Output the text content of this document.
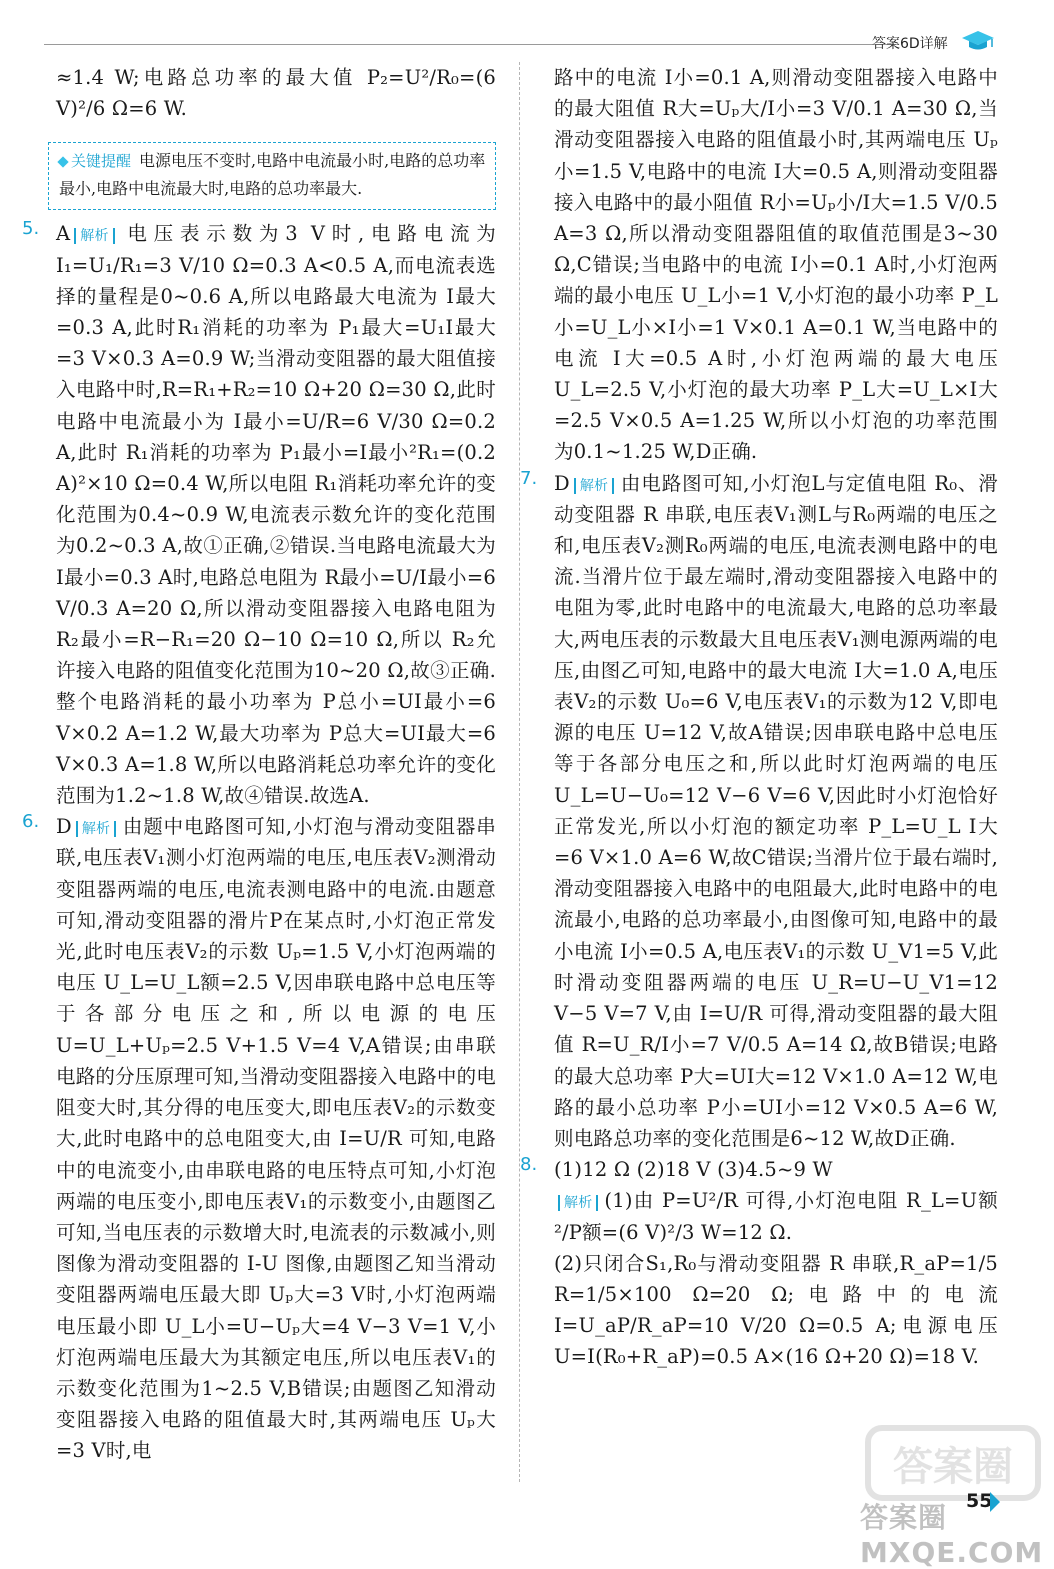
答案6D详解

≈1.4 W;电路总功率的最大值 P₂=U²/R₀=(6 V)²/6 Ω=6 W.

关键提醒 电源电压不变时,电路中电流最小时,电路的总功率最小,电路中电流最大时,电路的总功率最大.
5. A 解析 电压表示数为3 V时,电路电流为 I₁=U₁/R₁=3 V/10 Ω=0.3 A<0.5 A,而电流表选择的量程是0~0.6 A,所以电路最大电流为 I最大=0.3 A,此时R₁消耗的功率为 P₁最大=U₁I最大=3 V×0.3 A=0.9 W;当滑动变阻器的最大阻值接入电路中时,R=R₁+R₂=10 Ω+20 Ω=30 Ω,此时电路中电流最小为 I最小=U/R=6 V/30 Ω=0.2 A,此时 R₁消耗的功率为 P₁最小=I最小²R₁=(0.2 A)²×10 Ω=0.4 W,所以电阻 R₁消耗功率允许的变化范围为0.4~0.9 W,电流表示数允许的变化范围为0.2~0.3 A,故①正确,②错误.当电路电流最大为 I最小=0.3 A时,电路总电阻为 R最小=U/I最小=6 V/0.3 A=20 Ω,所以滑动变阻器接入电路电阻为 R₂最小=R−R₁=20 Ω−10 Ω=10 Ω,所以 R₂允许接入电路的阻值变化范围为10~20 Ω,故③正确.整个电路消耗的最小功率为 P总小=UI最小=6 V×0.2 A=1.2 W,最大功率为 P总大=UI最大=6 V×0.3 A=1.8 W,所以电路消耗总功率允许的变化范围为1.2~1.8 W,故④错误.故选A.

6. D 解析 由题中电路图可知,小灯泡与滑动变阻器串联,电压表V₁测小灯泡两端的电压,电压表V₂测滑动变阻器两端的电压,电流表测电路中的电流.由题意可知,滑动变阻器的滑片P在某点时,小灯泡正常发光,此时电压表V₂的示数 Uₚ=1.5 V,小灯泡两端的电压 U_L=U_L额=2.5 V,因串联电路中总电压等于各部分电压之和,所以电源的电压 U=U_L+Uₚ=2.5 V+1.5 V=4 V,A错误;由串联电路的分压原理可知,当滑动变阻器接入电路中的电阻变大时,其分得的电压变大,即电压表V₂的示数变大,此时电路中的总电阻变大,由 I=U/R 可知,电路中的电流变小,由串联电路的电压特点可知,小灯泡两端的电压变小,即电压表V₁的示数变小,由题图乙可知,当电压表的示数增大时,电流表的示数减小,则图像为滑动变阻器的 I-U 图像,由题图乙知当滑动变阻器两端电压最大即 Uₚ大=3 V时,小灯泡两端电压最小即 U_L小=U−Uₚ大=4 V−3 V=1 V,小灯泡两端电压最大为其额定电压,所以电压表V₁的示数变化范围为1~2.5 V,B错误;由题图乙知滑动变阻器接入电路的阻值最大时,其两端电压 Uₚ大=3 V时,电

路中的电流 I小=0.1 A,则滑动变阻器接入电路中的最大阻值 R大=Uₚ大/I小=3 V/0.1 A=30 Ω,当滑动变阻器接入电路的阻值最小时,其两端电压 Uₚ小=1.5 V,电路中的电流 I大=0.5 A,则滑动变阻器接入电路中的最小阻值 R小=Uₚ小/I大=1.5 V/0.5 A=3 Ω,所以滑动变阻器阻值的取值范围是3~30 Ω,C错误;当电路中的电流 I小=0.1 A时,小灯泡两端的最小电压 U_L小=1 V,小灯泡的最小功率 P_L小=U_L小×I小=1 V×0.1 A=0.1 W,当电路中的电流 I大=0.5 A时,小灯泡两端的最大电压 U_L=2.5 V,小灯泡的最大功率 P_L大=U_L×I大=2.5 V×0.5 A=1.25 W,所以小灯泡的功率范围为0.1~1.25 W,D正确.

7. D 解析 由电路图可知,小灯泡L与定值电阻 R₀、滑动变阻器 R 串联,电压表V₁测L与R₀两端的电压之和,电压表V₂测R₀两端的电压,电流表测电路中的电流.当滑片位于最左端时,滑动变阻器接入电路中的电阻为零,此时电路中的电流最大,电路的总功率最大,两电压表的示数最大且电压表V₁测电源两端的电压,由图乙可知,电路中的最大电流 I大=1.0 A,电压表V₂的示数 U₀=6 V,电压表V₁的示数为12 V,即电源的电压 U=12 V,故A错误;因串联电路中总电压等于各部分电压之和,所以此时灯泡两端的电压 U_L=U−U₀=12 V−6 V=6 V,因此时小灯泡恰好正常发光,所以小灯泡的额定功率 P_L=U_L I大=6 V×1.0 A=6 W,故C错误;当滑片位于最右端时,滑动变阻器接入电路中的电阻最大,此时电路中的电流最小,电路的总功率最小,由图像可知,电路中的最小电流 I小=0.5 A,电压表V₁的示数 U_V1=5 V,此时滑动变阻器两端的电压 U_R=U−U_V1=12 V−5 V=7 V,由 I=U/R 可得,滑动变阻器的最大阻值 R=U_R/I小=7 V/0.5 A=14 Ω,故B错误;电路的最大总功率 P大=UI大=12 V×1.0 A=12 W,电路的最小总功率 P小=UI小=12 V×0.5 A=6 W,则电路总功率的变化范围是6~12 W,故D正确.

8. (1)12 Ω (2)18 V (3)4.5~9 W

解析 (1)由 P=U²/R 可得,小灯泡电阻 R_L=U额²/P额=(6 V)²/3 W=12 Ω.

(2)只闭合S₁,R₀与滑动变阻器 R 串联,R_aP=1/5 R=1/5×100 Ω=20 Ω;电路中的电流 I=U_aP/R_aP=10 V/20 Ω=0.5 A;电源电压 U=I(R₀+R_aP)=0.5 A×(16 Ω+20 Ω)=18 V.

答案圈
答案圈 MXQE.COM
55
